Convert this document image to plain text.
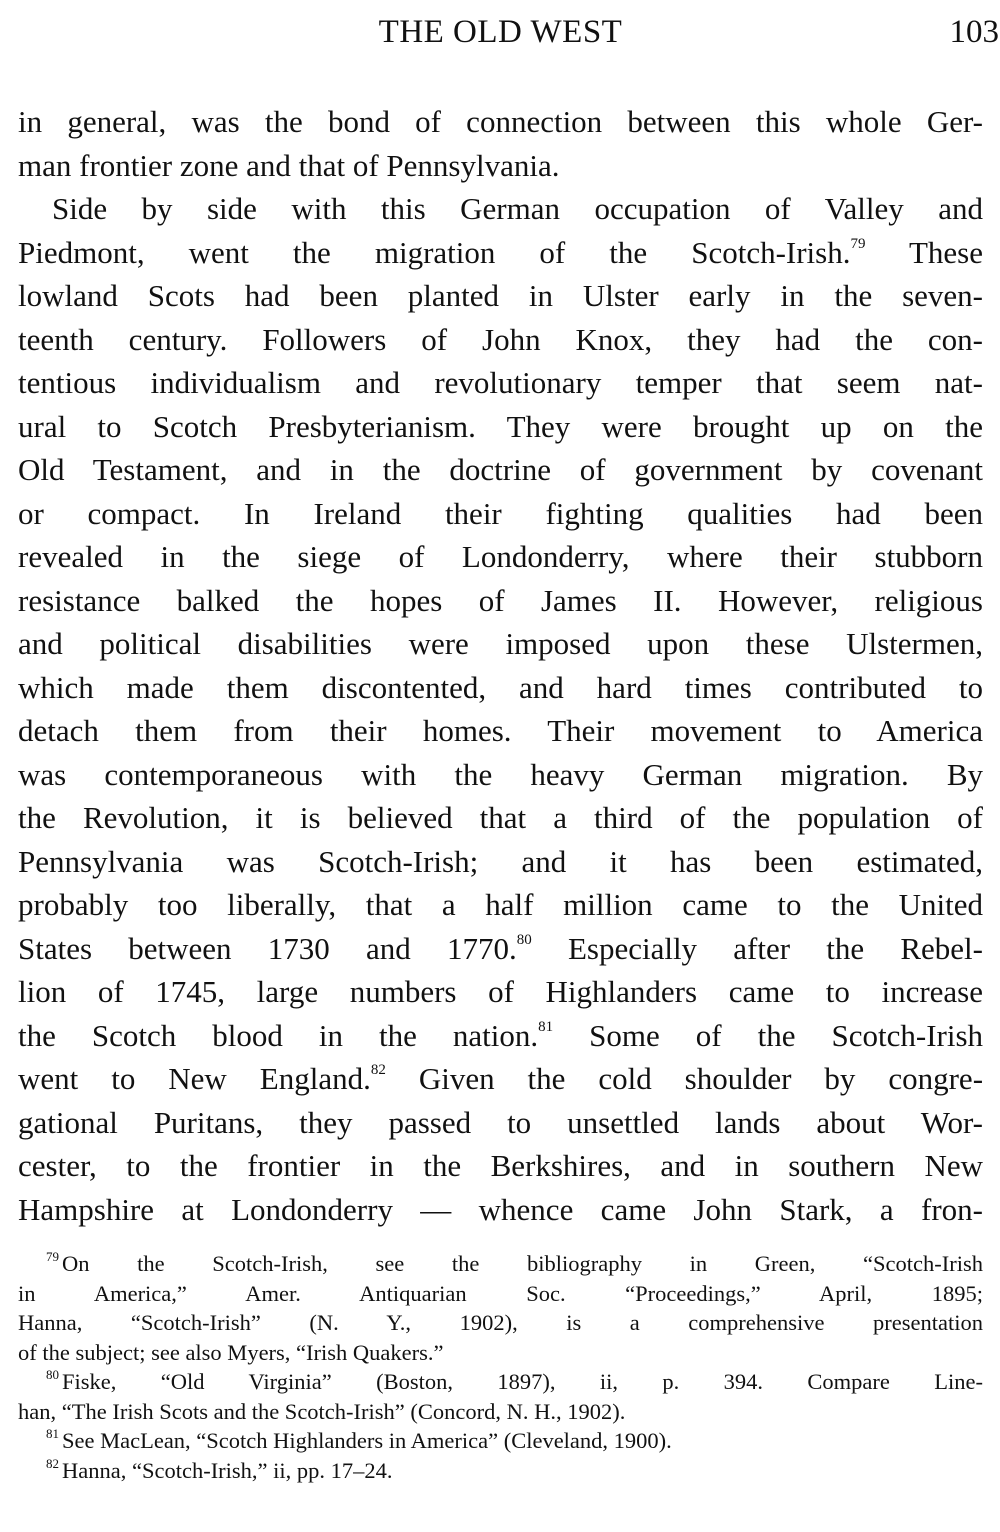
THE OLD WEST	103
in general, was the bond of connection between this whole Ger-
man frontier zone and that of Pennsylvania.
Side by side with this German occupation of Valley and
Piedmont, went the migration of the Scotch-Irish.$^{79}$ These
lowland Scots had been planted in Ulster early in the seven-
teenth century. Followers of John Knox, they had the con-
tentious individualism and revolutionary temper that seem nat-
ural to Scotch Presbyterianism. They were brought up on the
Old Testament, and in the doctrine of government by covenant
or compact. In Ireland their fighting qualities had been
revealed in the siege of Londonderry, where their stubborn
resistance balked the hopes of James II. However, religious
and political disabilities were imposed upon these Ulstermen,
which made them discontented, and hard times contributed to
detach them from their homes. Their movement to America
was contemporaneous with the heavy German migration. By
the Revolution, it is believed that a third of the population of
Pennsylvania was Scotch-Irish; and it has been estimated,
probably too liberally, that a half million came to the United
States between 1730 and 1770.80 Especially after the Rebel-
lion of 1745, large numbers of Highlanders came to increase
the Scotch blood in the nation.$^{81}$ Some of the Scotch-Irish
went to New England.$^{82}$ Given the cold shoulder by congre-
gational Puritans, they passed to unsettled lands about Wor-
cester, to the frontier in the Berkshires, and in southern New
Hampshire at Londonderry — whence came John Stark, a fron-
$^{79}$ On the Scotch-Irish, see the bibliography in Green, “Scotch-Irish
in America,” Amer. Antiquarian Soc. “Proceedings,” April, 1895;
Hanna, “Scotch-Irish” (N. Y., 1902), is a comprehensive presentation
of the subject; see also Myers, “Irish Quakers.”
$^{80}$ Fiske, “Old Virginia” (Boston, 1897), ii, p. 394. Compare Line-
han, “The Irish Scots and the Scotch-Irish” (Concord, N. H., 1902).
$^{81}$ See MacLean, “Scotch Highlanders in America” (Cleveland, 1900).
$^{82}$ Hanna, “Scotch-Irish,” ii, pp. 17–24.
